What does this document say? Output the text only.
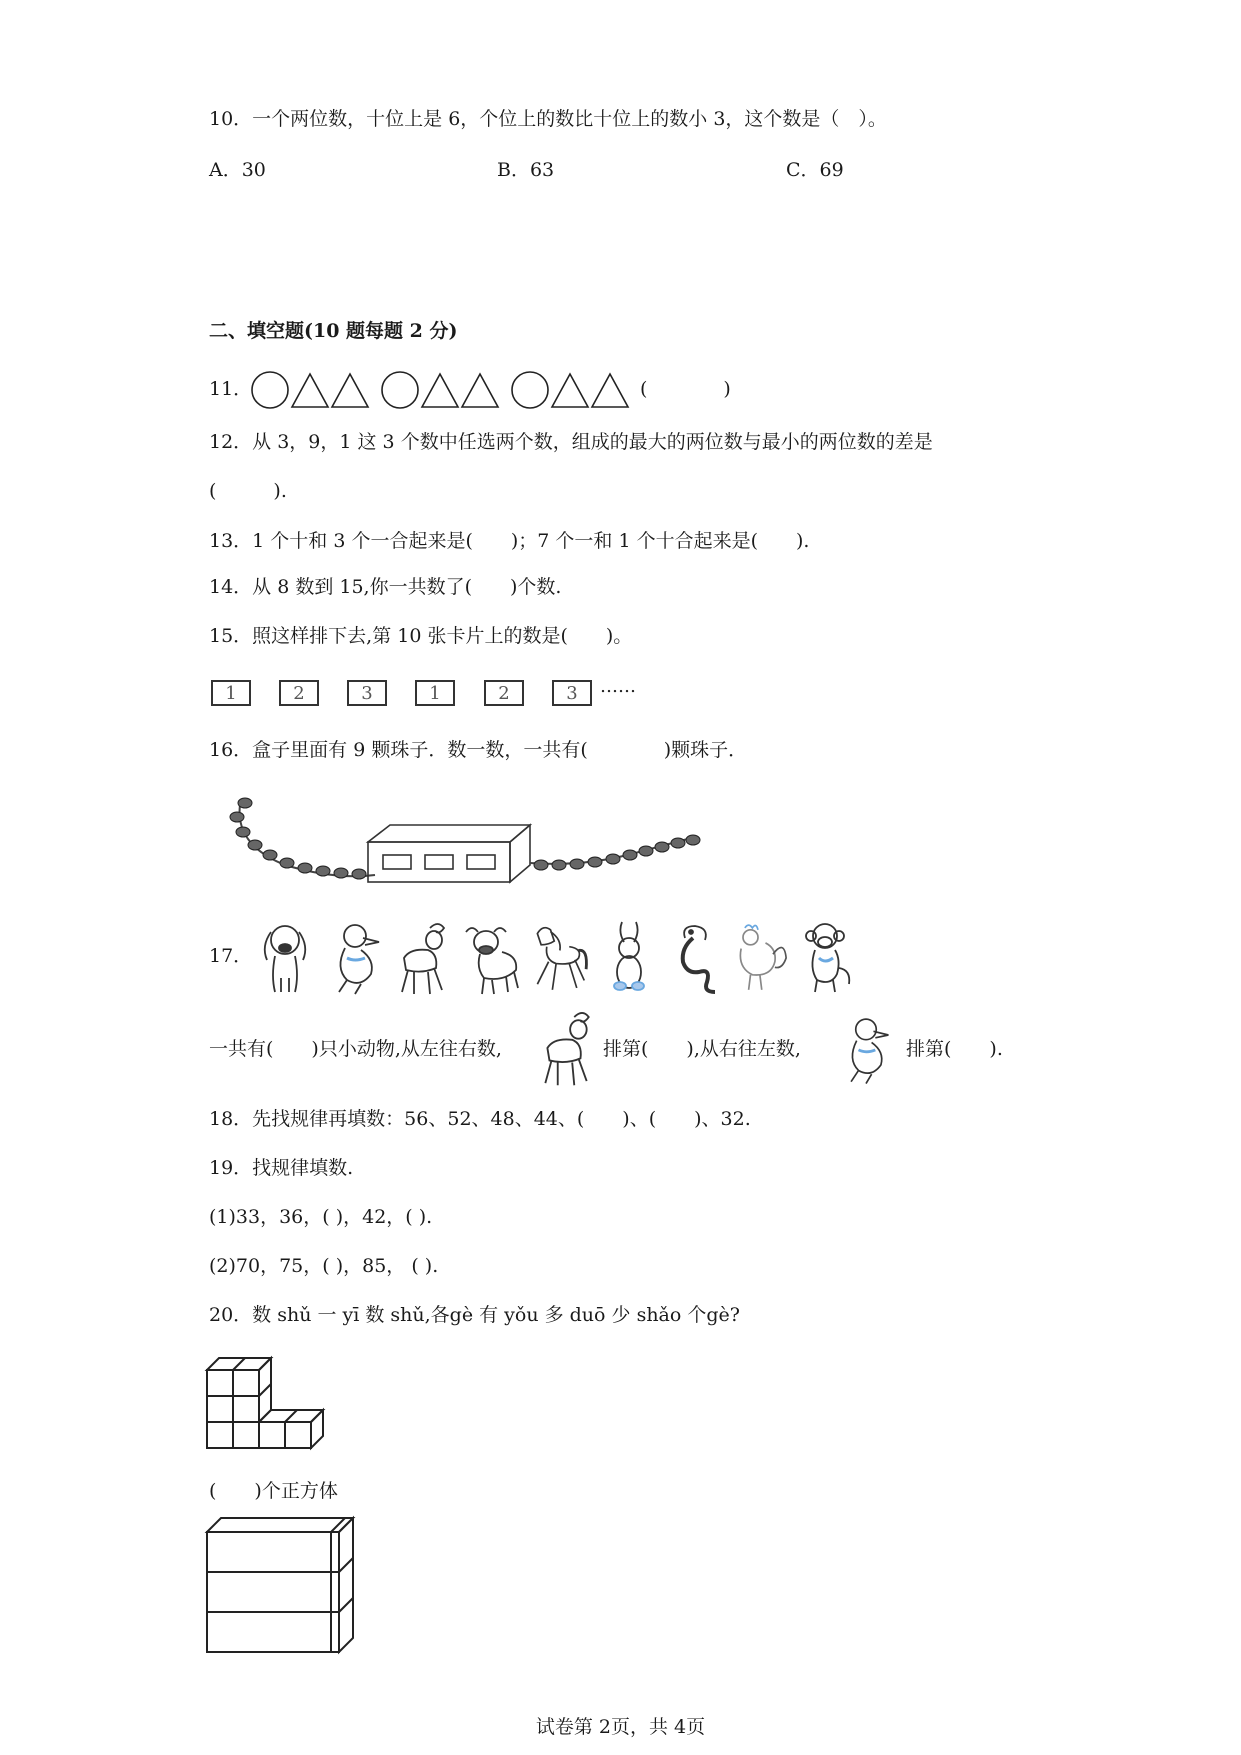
10．一个两位数，十位上是 6，个位上的数比十位上的数小 3，这个数是（　）。
A．30	B．63	C．69
二、填空题(10 题每题 2 分)
11．	(　　　　)
12．从 3，9，1 这 3 个数中任选两个数，组成的最大的两位数与最小的两位数的差是
(　　　).
13．1 个十和 3 个一合起来是(　　)；7 个一和 1 个十合起来是(　　).
14．从 8 数到 15,你一共数了(　　)个数.
15．照这样排下去,第 10 张卡片上的数是(　　)。
1	2	3	1	2	3	……
16．盒子里面有 9 颗珠子．数一数，一共有(　　　　)颗珠子．
17．
一共有(　　)只小动物,从左往右数,	排第(　　),从右往左数,	排第(　　).
18．先找规律再填数：56、52、48、44、(　　)、(　　)、32.
19．找规律填数.
(1)33，36，( )，42，( ).
(2)70，75，( )，85， ( ).
20．数 shǔ 一 yī 数 shǔ,各gè 有 yǒu 多 duō 少 shǎo 个gè?
(　　)个正方体
试卷第 2页，共 4页
